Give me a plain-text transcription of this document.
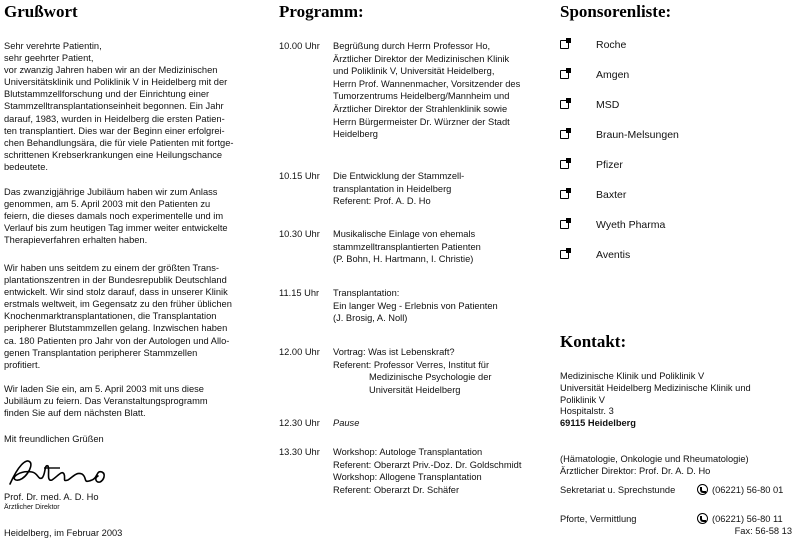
Grußwort
Sehr verehrte Patientin,
sehr geehrter Patient,
vor zwanzig Jahren haben wir an der Medizinischen
Universitätsklinik und Poliklinik V in Heidelberg mit der
Blutstammzellforschung und der Einrichtung einer
Stammzelltransplantationseinheit begonnen. Ein Jahr
darauf, 1983, wurden in Heidelberg die ersten Patien-
ten transplantiert. Dies war der Beginn einer erfolgrei-
chen Behandlungsära, die für viele Patienten mit fortge-
schrittenen Krebserkrankungen eine Heilungschance
bedeutete.
Das zwanzigjährige Jubiläum haben wir zum Anlass
genommen, am 5. April 2003 mit den Patienten zu
feiern, die dieses damals noch experimentelle und im
Verlauf bis zum heutigen Tag immer weiter entwickelte
Therapieverfahren erhalten haben.
Wir haben uns seitdem zu einem der größten Trans-
plantationszentren in der Bundesrepublik Deutschland
entwickelt. Wir sind stolz darauf, dass in unserer Klinik
erstmals weltweit, im Gegensatz zu den früher üblichen
Knochenmarktransplantationen, die Transplantation
peripherer Blutstammzellen gelang. Inzwischen haben
ca. 180 Patienten pro Jahr von der Autologen und Allo-
genen Transplantation peripherer Stammzellen
profitiert.
Wir laden Sie ein, am 5. April 2003 mit uns diese
Jubiläum zu feiern. Das Veranstaltungsprogramm
finden Sie auf dem nächsten Blatt.
Mit freundlichen Grüßen
Prof. Dr. med. A. D. Ho
Ärztlicher Direktor
Heidelberg, im Februar 2003
Programm:
10.00 Uhr	Begrüßung durch Herrn Professor Ho,
Ärztlicher Direktor der Medizinischen Klinik
und Poliklinik V, Universität Heidelberg,
Herrn Prof. Wannenmacher, Vorsitzender des
Tumorzentrums Heidelberg/Mannheim und
Ärztlicher Direktor der Strahlenklinik sowie
Herrn Bürgermeister Dr. Würzner der Stadt
Heidelberg
10.15 Uhr	Die Entwicklung der Stammzell-
transplantation in Heidelberg
Referent: Prof. A. D. Ho
10.30 Uhr	Musikalische Einlage von ehemals
stammzelltransplantierten Patienten
(P. Bohn, H. Hartmann, I. Christie)
11.15 Uhr	Transplantation:
Ein langer Weg - Erlebnis von Patienten
(J. Brosig, A. Noll)
12.00 Uhr	Vortrag: Was ist Lebenskraft?
Referent: Professor Verres, Institut für
Medizinische Psychologie der
Universität Heidelberg
12.30 Uhr	Pause
13.30 Uhr	Workshop: Autologe Transplantation
Referent: Oberarzt Priv.-Doz. Dr. Goldschmidt
Workshop: Allogene Transplantation
Referent: Oberarzt Dr. Schäfer
Sponsorenliste:
Roche
Amgen
MSD
Braun-Melsungen
Pfizer
Baxter
Wyeth Pharma
Aventis
Kontakt:
Medizinische Klinik und Poliklinik V
Universität Heidelberg Medizinische Klinik und
Poliklinik V
Hospitalstr. 3
69115 Heidelberg
(Hämatologie, Onkologie und Rheumatologie)
Ärztlicher Direktor: Prof. Dr. A. D. Ho
Sekretariat u. Sprechstunde	(06221) 56-80 01
Pforte, Vermittlung	(06221) 56-80 11
Fax: 56-58 13
